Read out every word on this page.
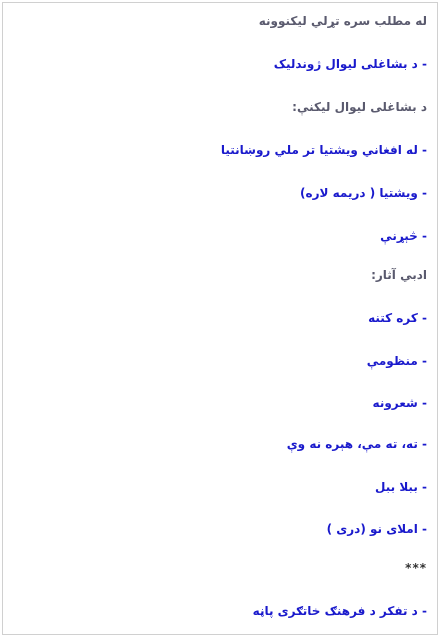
له مطلب سره تړلي لیکنوونه
- د بشاغلی لیوال ژوندلیک
د بشاغلی لیوال لیکنې:
- له افغاني ویشتیا تر ملي روښانتیا
- ویشتیا ( دریمه لاره)
- څېړنې
ادبي آثار:
- کره کتنه
- منظومې
- شعرونه
- ته، ته مې، هېره نه وې
- ببلا ببل
- املای نو (دری )
***
- د تفکر د فرهنګ خاتګری پاڼه
